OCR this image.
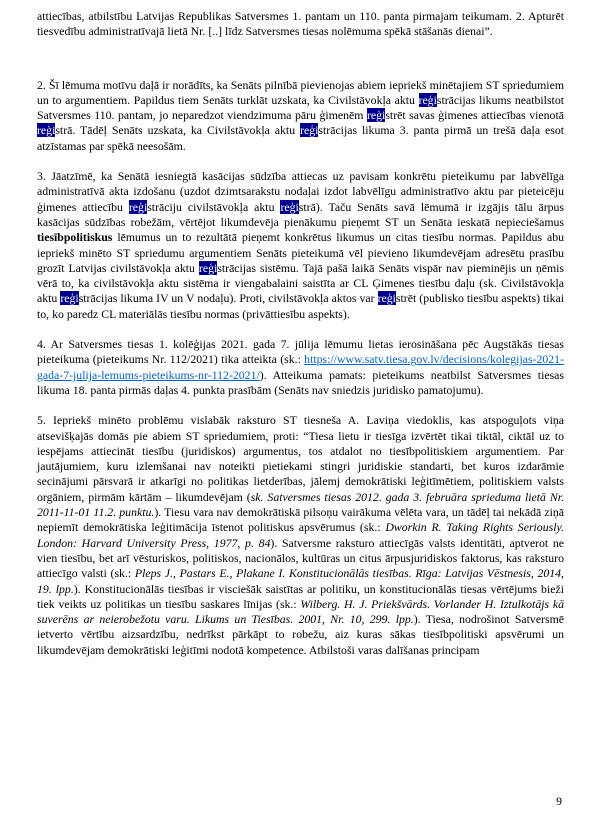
attiecības, atbilstību Latvijas Republikas Satversmes 1. pantam un 110. panta pirmajam teikumam. 2. Apturēt tiesvedību administratīvajā lietā Nr. [..] līdz Satversmes tiesas nolēmuma spēkā stāšanās dienai”.

2. Šī lēmuma motīvu daļā ir norādīts, ka Senāts pilnībā pievienojas abiem iepriekš minētajiem ST spriedumiem un to argumentiem. Papildus tiem Senāts turklāt uzskata, ka Civilstāvokļa aktu reģistrācijas likums neatbilstot Satversmes 110. pantam, jo neparedzot viendzimuma pāru ģimenēm reģistrēt savas ģimenes attiecības vienotā reģistrā. Tādēļ Senāts uzskata, ka Civilstāvokļa aktu reģistrācijas likuma 3. panta pirmā un trešā daļa esot atzīstamas par spēkā neesošām.

3. Jāatzīmē, ka Senātā iesniegtā kasācijas sūdzība attiecas uz pavisam konkrētu pieteikumu par labvēlīga administratīvā akta izdošanu (uzdot dzimtsarakstu nodaļai izdot labvēlīgu administratīvo aktu par pieteicēju ģimenes attiecību reģistrāciju civilstāvokļa aktu reģistrā). Taču Senāts savā lēmumā ir izgājis tālu ārpus kasācijas sūdzības robežām, vērtējot likumdevēja pienākumu pieņemt ST un Senāta ieskatā nepieciešamus tiesībpolitiskus lēmumus un to rezultātā pieņemt konkrētus likumus un citas tiesību normas. Papildus abu iepriekš minēto ST spriedumu argumentiem Senāts pieteikumā vēl pievieno likumdevējam adresētu prasību grozīt Latvijas civilstāvokļa aktu reģistrācijas sistēmu. Tajā pašā laikā Senāts vispār nav pieminējis un ņēmis vērā to, ka civilstāvokļa aktu sistēma ir viengabalaini saistīta ar CL Ģimenes tiesību daļu (sk. Civilstāvokļa aktu reģistrācijas likuma IV un V nodaļu). Proti, civilstāvokļa aktos var reģistrēt (publisko tiesību aspekts) tikai to, ko paredz CL materiālās tiesību normas (privāttiesību aspekts).

4. Ar Satversmes tiesas 1. kolēģijas 2021. gada 7. jūlija lēmumu lietas ierosināšana pēc Augstākās tiesas pieteikuma (pieteikums Nr. 112/2021) tika atteikta (sk.: https://www.satv.tiesa.gov.lv/decisions/kolegijas-2021-gada-7-julija-lemums-pieteikums-nr-112-2021/). Atteikuma pamats: pieteikums neatbilst Satversmes tiesas likuma 18. panta pirmās daļas 4. punkta prasībām (Senāts nav sniedzis juridisko pamatojumu).

5. Iepriekš minēto problēmu vislabāk raksturo ST tiesneša A. Laviņa viedoklis, kas atspoguļots viņa atsevišķajās domās pie abiem ST spriedumiem, proti: “Tiesa lietu ir tiesīga izvērtēt tikai tiktāl, ciktāl uz to iespējams attiecināt tiesību (juridiskos) argumentus, tos atdalot no tiesībpolitiskiem argumentiem. Par jautājumiem, kuru izlemšanai nav noteikti pietiekami stingri juridiskie standarti, bet kuros izdarāmie secinājumi pārsvarā ir atkarīgi no politikas lietderības, jālemj demokrātiski leģitīmētiem, politiskiem valsts orgāniem, pirmām kārtām – likumdevējam (sk. Satversmes tiesas 2012. gada 3. februāra sprieduma lietā Nr. 2011-11-01 11.2. punktu.). Tiesu vara nav demokrātiskā pilsoņu vairākuma vēlēta vara, un tādēļ tai nekādā ziņā nepiemīt demokrātiska leģitimācija īstenot politiskus apsvērumus (sk.: Dworkin R. Taking Rights Seriously. London: Harvard University Press, 1977, p. 84). Satversme raksturo attiecīgās valsts identitāti, aptverot ne vien tiesību, bet arī vēsturiskos, politiskos, nacionālos, kultūras un citus ārpusjuridiskos faktorus, kas raksturo attiecīgo valsti (sk.: Pleps J., Pastars E., Plakane I. Konstitucionālās tiesības. Rīga: Latvijas Vēstnesis, 2014, 19. lpp.). Konstitucionālās tiesības ir visciešāk saistītas ar politiku, un konstitucionālās tiesas vērtējums bieži tiek veikts uz politikas un tiesību saskares līnijas (sk.: Wilberg. H. J. Priekšvārds. Vorlander H. Iztulkotājs kā suverēns ar neierobežotu varu. Likums un Tiesības. 2001, Nr. 10, 299. lpp.). Tiesa, nodrošinot Satversmē ietverto vērtību aizsardzību, nedrīkst pārkāpt to robežu, aiz kuras sākas tiesībpolitiski apsvērumi un likumdevējam demokrātiski leģitīmi nodotā kompetence. Atbilstoši varas dalīšanas principam

9
